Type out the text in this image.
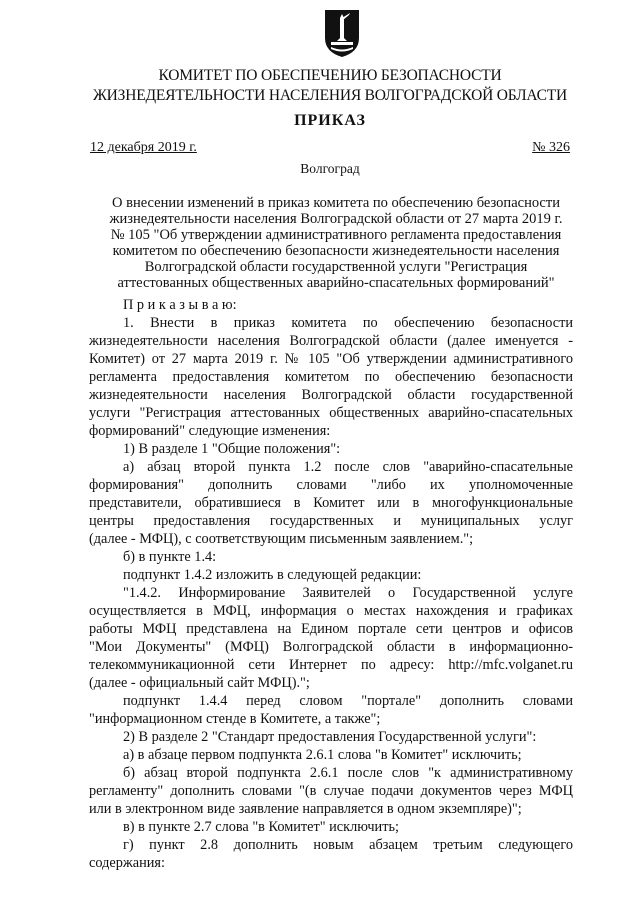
КОМИТЕТ ПО ОБЕСПЕЧЕНИЮ БЕЗОПАСНОСТИ
ЖИЗНЕДЕЯТЕЛЬНОСТИ НАСЕЛЕНИЯ ВОЛГОГРАДСКОЙ ОБЛАСТИ
ПРИКАЗ
12 декабря 2019 г.	№ 326
Волгоград
О внесении изменений в приказ комитета по обеспечению безопасности
жизнедеятельности населения Волгоградской области от 27 марта 2019 г.
№ 105 "Об утверждении административного регламента предоставления
комитетом по обеспечению безопасности жизнедеятельности населения
Волгоградской области государственной услуги "Регистрация
аттестованных общественных аварийно-спасательных формирований"
П р и к а з ы в а ю:
1. Внести в приказ комитета по обеспечению безопасности
жизнедеятельности населения Волгоградской области (далее именуется -
Комитет) от 27 марта 2019 г. № 105 "Об утверждении административного
регламента предоставления комитетом по обеспечению безопасности
жизнедеятельности населения Волгоградской области государственной
услуги "Регистрация аттестованных общественных аварийно-спасательных
формирований" следующие изменения:
1) В разделе 1 "Общие положения":
а) абзац второй пункта 1.2 после слов "аварийно-спасательные
формирования" дополнить словами "либо их уполномоченные
представители, обратившиеся в Комитет или в многофункциональные
центры предоставления государственных и муниципальных услуг
(далее - МФЦ), с соответствующим письменным заявлением.";
б) в пункте 1.4:
подпункт 1.4.2 изложить в следующей редакции:
"1.4.2. Информирование Заявителей о Государственной услуге
осуществляется в МФЦ, информация о местах нахождения и графиках
работы МФЦ представлена на Едином портале сети центров и офисов
"Мои Документы" (МФЦ) Волгоградской области в информационно-
телекоммуникационной сети Интернет по адресу: http://mfc.volganet.ru
(далее - официальный сайт МФЦ).";
подпункт 1.4.4 перед словом "портале" дополнить словами
"информационном стенде в Комитете, а также";
2) В разделе 2 "Стандарт предоставления Государственной услуги":
а) в абзаце первом подпункта 2.6.1 слова "в Комитет" исключить;
б) абзац второй подпункта 2.6.1 после слов "к административному
регламенту" дополнить словами "(в случае подачи документов через МФЦ
или в электронном виде заявление направляется в одном экземпляре)";
в) в пункте 2.7 слова "в Комитет" исключить;
г) пункт 2.8 дополнить новым абзацем третьим следующего
содержания:
